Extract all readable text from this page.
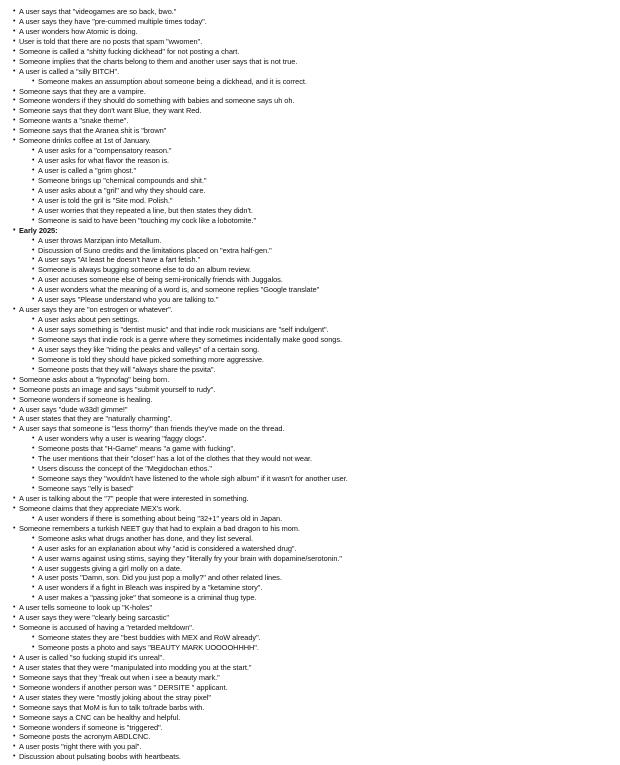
• A user says that "videogames are so back, bwo."
• A user says they have "pre-cummed multiple times today".
• A user wonders how Atomic is doing.
• User is told that there are no posts that spam "wwomen".
• Someone is called a "shitty fucking dickhead" for not posting a chart.
• Someone implies that the charts belong to them and another user says that is not true.
• A user is called a "silly BITCH".
• Someone makes an assumption about someone being a dickhead, and it is correct.
• Someone says that they are a vampire.
• Someone wonders if they should do something with babies and someone says uh oh.
• Someone says that they don't want Blue, they want Red.
• Someone wants a "snake theme".
• Someone says that the Aranea shit is "brown"
• Someone drinks coffee at 1st of January.
• A user asks for a "compensatory reason."
• A user asks for what flavor the reason is.
• A user is called a "grim ghost."
• Someone brings up "chemical compounds and shit."
• A user asks about a "gril" and why they should care.
• A user is told the gril is "Site mod. Polish."
• A user worries that they repeated a line, but then states they didn't.
• Someone is said to have been "touching my cock like a lobotomite."
• Early 2025:
• A user throws Marzipan into Metallum.
• Discussion of Suno credits and the limitations placed on "extra half-gen."
• A user says "At least he doesn't have a fart fetish."
• Someone is always bugging someone else to do an album review.
• A user accuses someone else of being semi-ironically friends with Juggalos.
• A user wonders what the meaning of a word is, and someone replies "Google translate"
• A user says "Please understand who you are talking to."
• A user says they are "on estrogen or whatever".
• A user asks about pen settings.
• A user says something is "dentist music" and that indie rock musicians are "self indulgent".
• Someone says that indie rock is a genre where they sometimes incidentally make good songs.
• A user says they like "riding the peaks and valleys" of a certain song.
• Someone is told they should have picked something more aggressive.
• Someone posts that they will "always share the psvita".
• Someone asks about a "hypnofag" being born.
• Someone posts an image and says "submit yourself to rudy".
• Someone wonders if someone is healing.
• A user says "dude w33d! gimme!"
• A user states that they are "naturally charming".
• A user says that someone is "less thorny" than friends they've made on the thread.
• A user wonders why a user is wearing "faggy clogs".
• Someone posts that "H-Game" means "a game with fucking".
• The user mentions that their "closet" has a lot of the clothes that they would not wear.
• Users discuss the concept of the "Megidochan ethos."
• Someone says they "wouldn't have listened to the whole sigh album" if it wasn't for another user.
• Someone says "elly is based"
• A user is talking about the "7" people that were interested in something.
• Someone claims that they appreciate MEX's work.
• A user wonders if there is something about being "32+1" years old in Japan.
• Someone remembers a turkish NEET guy that had to explain a bad dragon to his mom.
• Someone asks what drugs another has done, and they list several.
• A user asks for an explanation about why "acid is considered a watershed drug".
• A user warns against using stims, saying they "literally fry your brain with dopamine/serotonin."
• A user suggests giving a girl molly on a date.
• A user posts "Damn, son. Did you just pop a molly?" and other related lines.
• A user wonders if a fight in Bleach was inspired by a "ketamine story".
• A user makes a "passing joke" that someone is a criminal thug type.
• A user tells someone to look up "K-holes"
• A user says they were "clearly being sarcastic"
• Someone is accused of having a "retarded meltdown".
• Someone states they are "best buddies with MEX and RoW already".
• Someone posts a photo and says "BEAUTY MARK UOOOOHHHH".
• A user is called "so fucking stupid it's unreal".
• A user states that they were "manipulated into modding you at the start."
• Someone says that they "freak out when i see a beauty mark."
• Someone wonders if another person was " DERSITE " applicant.
• A user states they were "mostly joking about the stray pixel"
• Someone says that MoM is fun to talk to/trade barbs with.
• Someone says a CNC can be healthy and helpful.
• Someone wonders if someone is "triggered".
• Someone posts the acronym ABDLCNC.
• A user posts "right there with you pal".
• Discussion about pulsating boobs with heartbeats.
